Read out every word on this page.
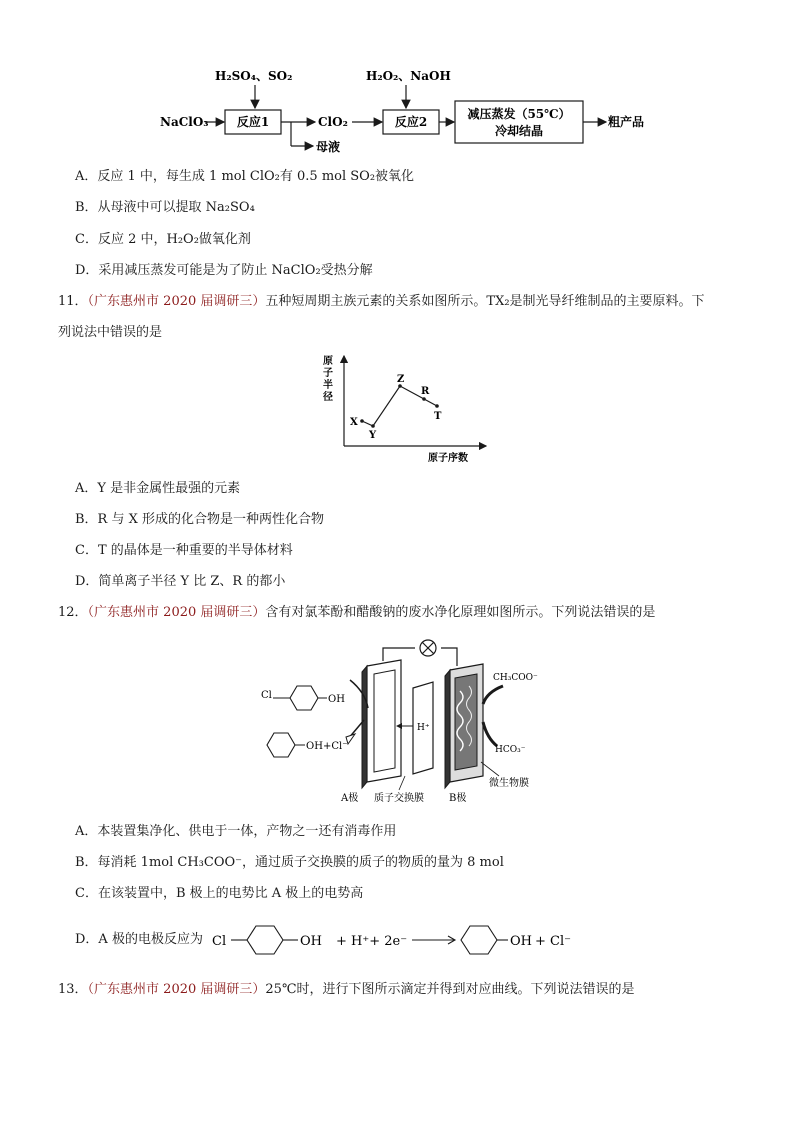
H₂SO₄、SO₂	H₂O₂、NaOH
NaClO₃ 反应1
母液
ClO₂	反应2
减压蒸发（55℃）
冷却结晶
粗产品
A．反应 1 中，每生成 1 mol ClO₂有 0.5 mol SO₂被氧化
B．从母液中可以提取 Na₂SO₄
C．反应 2 中，H₂O₂做氧化剂
D．采用减压蒸发可能是为了防止 NaClO₂受热分解
11．（广东惠州市 2020 届调研三）五种短周期主族元素的关系如图所示。TX₂是制光导纤维制品的主要原料。下
列说法中错误的是
原
子
半
径
原子序数
X
Y
Z
R
T
A．Y 是非金属性最强的元素
B．R 与 X 形成的化合物是一种两性化合物
C．T 的晶体是一种重要的半导体材料
D．简单离子半径 Y 比 Z、R 的都小
12．（广东惠州市 2020 届调研三）含有对氯苯酚和醋酸钠的废水净化原理如图所示。下列说法错误的是
Cl	OH
OH +Cl⁻
H⁺
CH₃COO⁻
HCO₃⁻
微生物膜
A极 质子交换膜	B极
A．本装置集净化、供电于一体，产物之一还有消毒作用
B．每消耗 1mol CH₃COO⁻，通过质子交换膜的质子的物质的量为 8 mol
C．在该装置中，B 极上的电势比 A 极上的电势高
D．A 极的电极反应为 Cl	OH + H⁺+ 2e⁻	OH + Cl⁻
13．（广东惠州市 2020 届调研三）25℃时，进行下图所示滴定并得到对应曲线。下列说法错误的是
